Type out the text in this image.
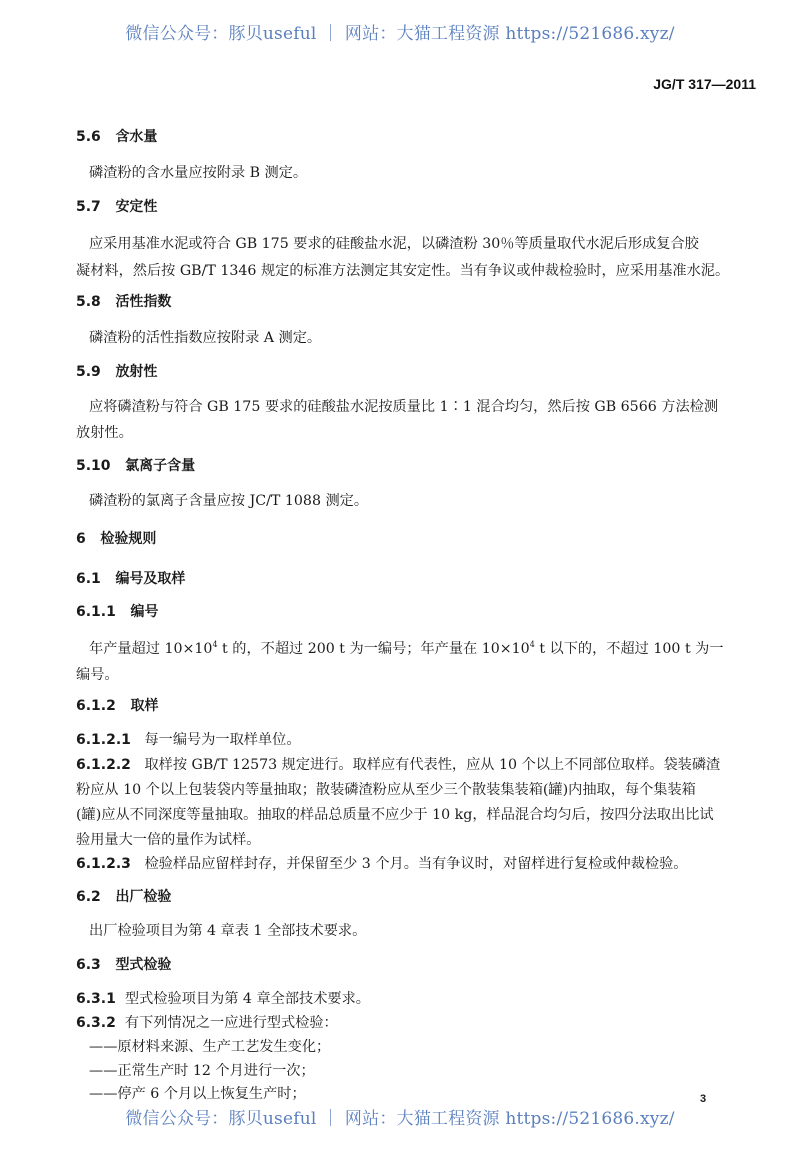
微信公众号：豚贝useful ｜ 网站：大猫工程资源 https://521686.xyz/
JG/T 317—2011
5.6 含水量
磷渣粉的含水量应按附录 B 测定。
5.7 安定性
应采用基准水泥或符合 GB 175 要求的硅酸盐水泥，以磷渣粉 30％等质量取代水泥后形成复合胶
凝材料，然后按 GB/T 1346 规定的标准方法测定其安定性。当有争议或仲裁检验时，应采用基准水泥。
5.8 活性指数
磷渣粉的活性指数应按附录 A 测定。
5.9 放射性
应将磷渣粉与符合 GB 175 要求的硅酸盐水泥按质量比 1∶1 混合均匀，然后按 GB 6566 方法检测
放射性。
5.10 氯离子含量
磷渣粉的氯离子含量应按 JC/T 1088 测定。
6 检验规则
6.1 编号及取样
6.1.1 编号
年产量超过 $10\times 10^4$ t 的，不超过 200 t 为一编号；年产量在 $10\times 10^4$ t 以下的，不超过 100 t 为一
编号。
6.1.2 取样
6.1.2.1 每一编号为一取样单位。
6.1.2.2 取样按 GB/T 12573 规定进行。取样应有代表性，应从 10 个以上不同部位取样。袋装磷渣
粉应从 10 个以上包装袋内等量抽取；散装磷渣粉应从至少三个散装集装箱(罐)内抽取，每个集装箱
(罐)应从不同深度等量抽取。抽取的样品总质量不应少于 10 kg，样品混合均匀后，按四分法取出比试
验用量大一倍的量作为试样。
6.1.2.3 检验样品应留样封存，并保留至少 3 个月。当有争议时，对留样进行复检或仲裁检验。
6.2 出厂检验
出厂检验项目为第 4 章表 1 全部技术要求。
6.3 型式检验
6.3.1 型式检验项目为第 4 章全部技术要求。
6.3.2 有下列情况之一应进行型式检验：
——原材料来源、生产工艺发生变化；
——正常生产时 12 个月进行一次；
——停产 6 个月以上恢复生产时；	3
微信公众号：豚贝useful ｜ 网站：大猫工程资源 https://521686.xyz/
